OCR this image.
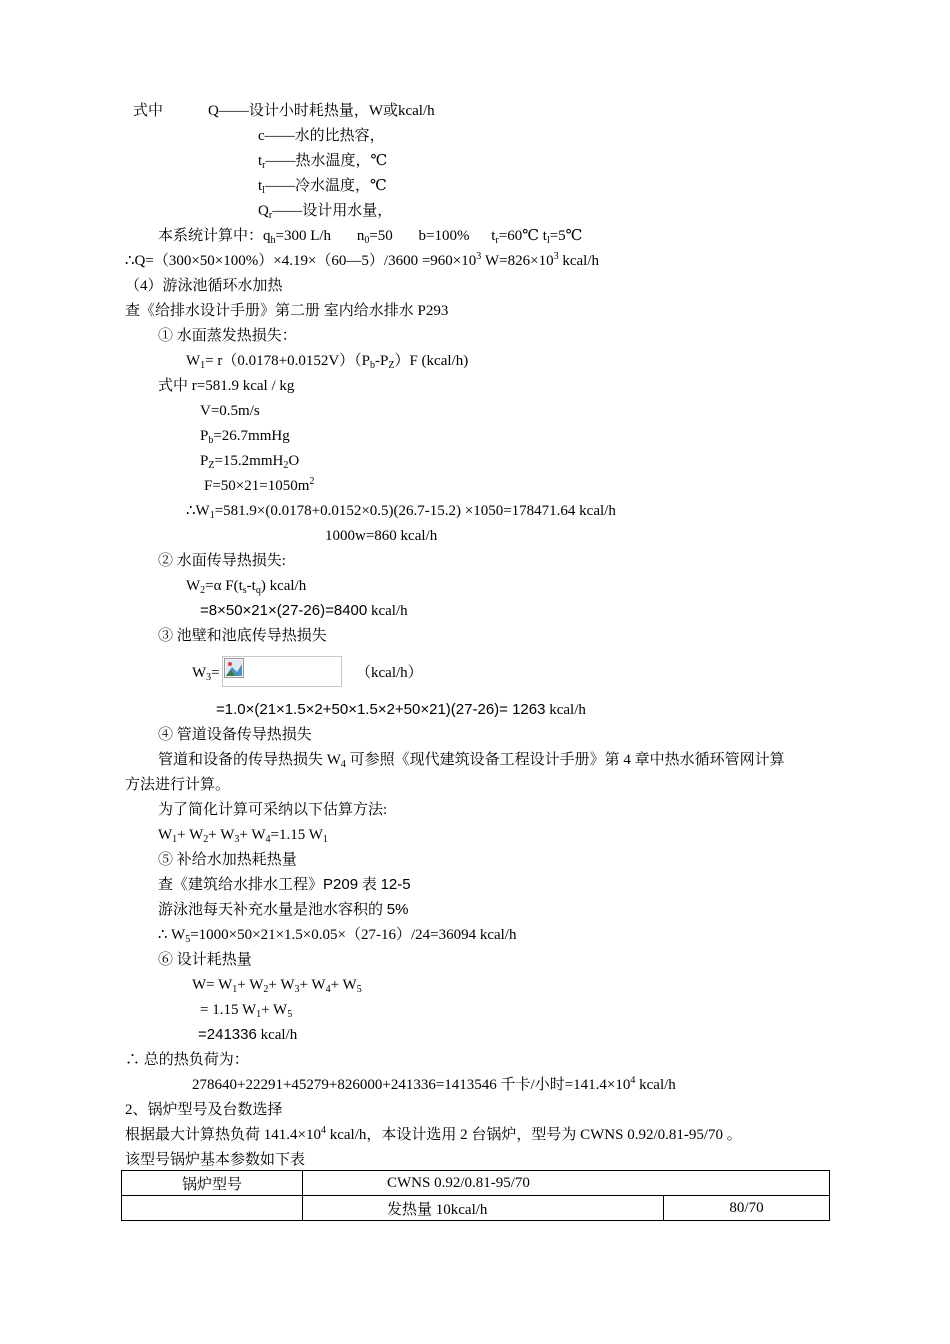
式中	Q——设计小时耗热量，W或kcal/h
c——水的比热容，
$t_r——$热水温度，℃
$t_l——$冷水温度，℃
$Q_r——$设计用水量，
本系统计算中：$q_h=300$ L/h $n_0=50$ b=100% $t_r=60℃$ $t_l=5℃$
∴Q=（300×50×100%）×4.19×（60—5）/3600 $=960\times 10^3$ $W=826\times 10^3$ kcal/h
（4）游泳池循环水加热
查《给排水设计手册》第二册 室内给水排水 P293
① 水面蒸发热损失：
$W_1= r(0.0178+0.0152V)(P_b-P_Z)F$ (kcal/h)
式中 r=581.9 kcal / kg
V=0.5m/s
$P_b=26.7mmHg$
$P_Z=15.2mmH_2O$
$F=50\times 21=1050m^2$
$\therefore W_1=581.9\times(0.0178+0.0152\times 0.5)(26.7-15.2) \times 1050=178471.64$ kcal/h
1000w=860 kcal/h
② 水面传导热损失:
$W_2=\alpha$ $F(t_s-t_q)$ kcal/h
=8×50×21×(27-26)=8400 kcal/h
③ 池壁和池底传导热损失
$W_3=$	（kcal/h）
=1.0×(21×1.5×2+50×1.5×2+50×21)(27-26)= 1263 kcal/h
④ 管道设备传导热损失
管道和设备的传导热损失 $W_4$ 可参照《现代建筑设备工程设计手册》第 4 章中热水循环管网计算
方法进行计算。
为了简化计算可采纳以下估算方法:
$W_1+ W_2+ W_3+ W_4=1.15$ $W_1$
⑤ 补给水加热耗热量
查《建筑给水排水工程》P209 表 12-5
游泳池每天补充水量是池水容积的 5%
∴ $W_5=1000\times 50\times 21\times 1.5\times 0.05\times(27-16)/24=36094$ kcal/h
⑥ 设计耗热量
$W= W_1+ W_2+ W_3+ W_4+ W_5$
= 1.15 $W_1+ W_5$
=241336 kcal/h
∴ 总的热负荷为：
278640+22291+45279+826000+241336=1413546 千卡/小时$=141.4\times 10^4$ kcal/h
2、锅炉型号及台数选择
根据最大计算热负荷 $141.4\times 10^4$ kcal/h，本设计选用 2 台锅炉，型号为 CWNS 0.92/0.81-95/70 。
该型号锅炉基本参数如下表
锅炉型号	CWNS 0.92/0.81-95/70	
	发热量 10kcal/h	80/70
